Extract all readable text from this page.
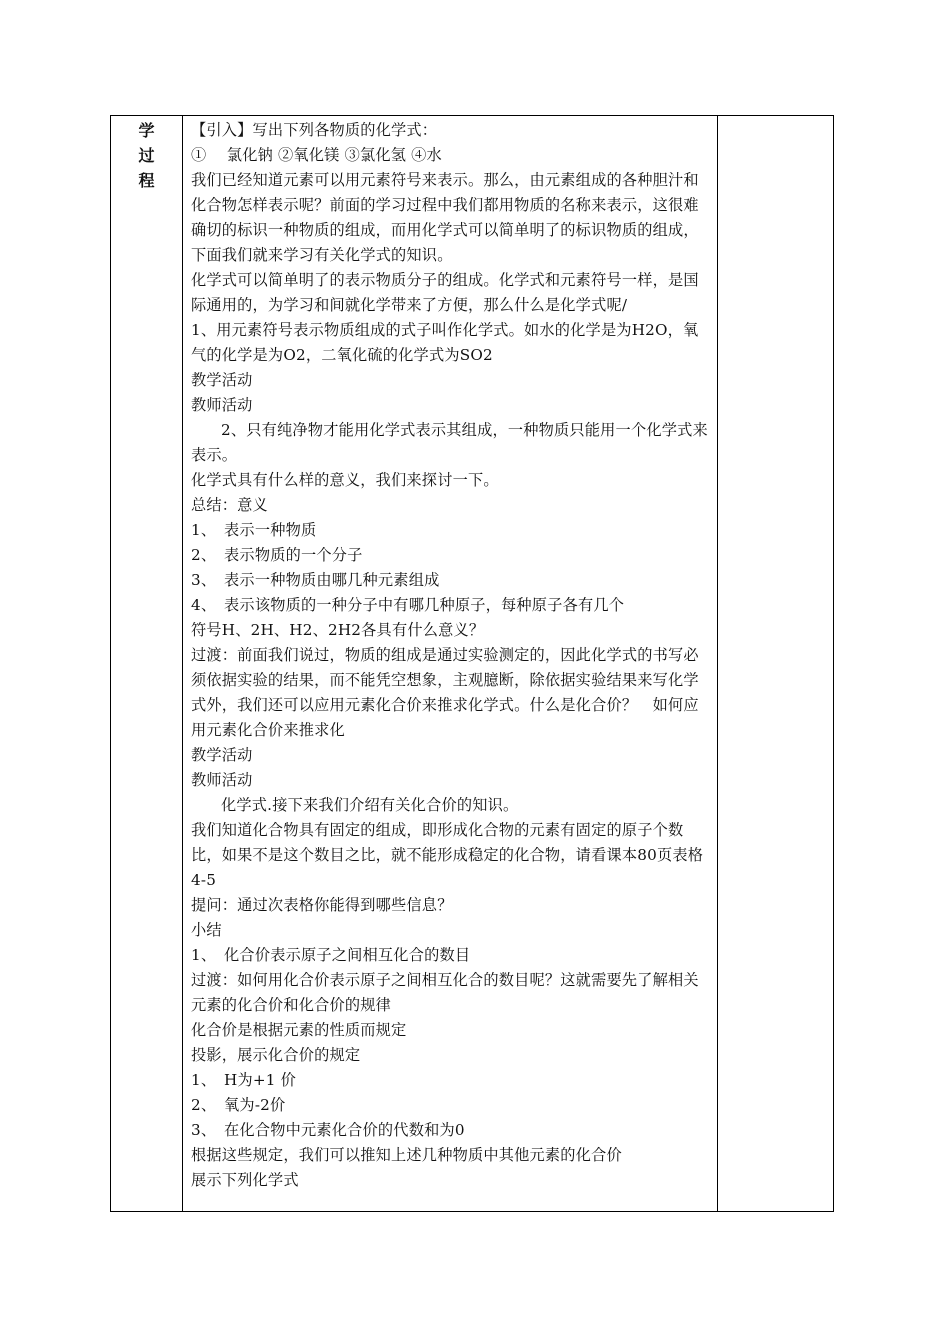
学
过
程

【引入】写出下列各物质的化学式：

①　 氯化钠 ②氧化镁 ③氯化氢 ④水

我们已经知道元素可以用元素符号来表示。那么，由元素组成的各种胆汁和化合物怎样表示呢？前面的学习过程中我们都用物质的名称来表示，这很难确切的标识一种物质的组成，而用化学式可以简单明了的标识物质的组成，下面我们就来学习有关化学式的知识。

化学式可以简单明了的表示物质分子的组成。化学式和元素符号一样，是国际通用的，为学习和间就化学带来了方便，那么什么是化学式呢/

1、用元素符号表示物质组成的式子叫作化学式。如水的化学是为H2O，氧气的化学是为O2，二氧化硫的化学式为SO2

教学活动

教师活动

2、只有纯净物才能用化学式表示其组成，一种物质只能用一个化学式来表示。

化学式具有什么样的意义，我们来探讨一下。

总结：意义

1、　表示一种物质

2、　表示物质的一个分子

3、　表示一种物质由哪几种元素组成

4、　表示该物质的一种分子中有哪几种原子，每种原子各有几个

符号H、2H、H2、2H2各具有什么意义？

过渡：前面我们说过，物质的组成是通过实验测定的，因此化学式的书写必须依据实验的结果，而不能凭空想象，主观臆断，除依据实验结果来写化学式外，我们还可以应用元素化合价来推求化学式。什么是化合价？　如何应用元素化合价来推求化

教学活动

教师活动

化学式.接下来我们介绍有关化合价的知识。

我们知道化合物具有固定的组成，即形成化合物的元素有固定的原子个数比，如果不是这个数目之比，就不能形成稳定的化合物，请看课本80页表格4-5

提问：通过次表格你能得到哪些信息？

小结

1、　化合价表示原子之间相互化合的数目

过渡：如何用化合价表示原子之间相互化合的数目呢？这就需要先了解相关元素的化合价和化合价的规律

化合价是根据元素的性质而规定

投影，展示化合价的规定

1、　H为+1 价

2、　氧为-2价

3、　在化合物中元素化合价的代数和为0

根据这些规定，我们可以推知上述几种物质中其他元素的化合价

展示下列化学式
